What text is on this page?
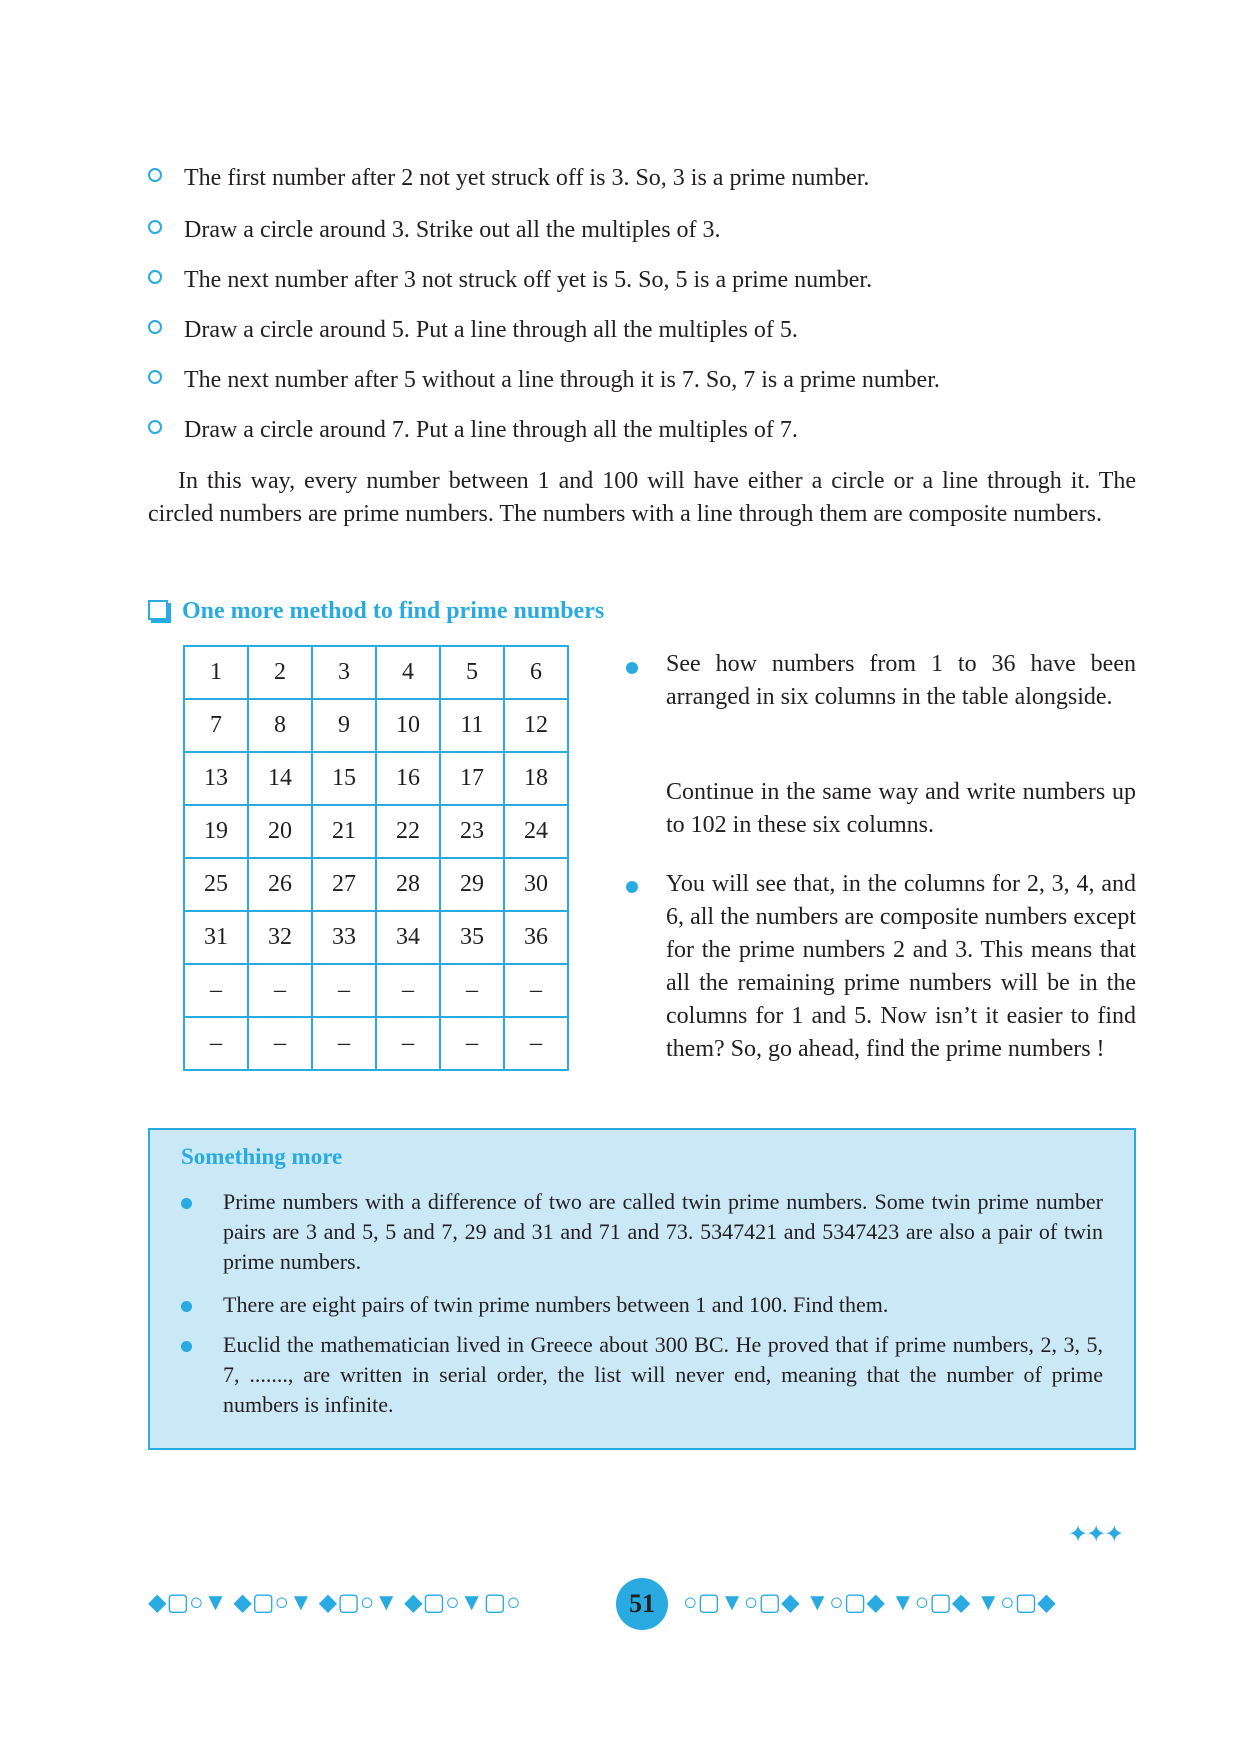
The first number after 2 not yet struck off is 3. So, 3 is a prime number.
Draw a circle around 3. Strike out all the multiples of 3.
The next number after 3 not struck off yet is 5. So, 5 is a prime number.
Draw a circle around 5. Put a line through all the multiples of 5.
The next number after 5 without a line through it is 7. So, 7 is a prime number.
Draw a circle around 7. Put a line through all the multiples of 7.
In this way, every number between 1 and 100 will have either a circle or a line through it. The circled numbers are prime numbers. The numbers with a line through them are composite numbers.
One more method to find prime numbers
1	2	3	4	5	6
7	8	9	10	11	12
13	14	15	16	17	18
19	20	21	22	23	24
25	26	27	28	29	30
31	32	33	34	35	36
–	–	–	–	–	–
–	–	–	–	–	–
See how numbers from 1 to 36 have been arranged in six columns in the table alongside.
Continue in the same way and write numbers up to 102 in these six columns.
You will see that, in the columns for 2, 3, 4, and 6, all the numbers are composite numbers except for the prime numbers 2 and 3. This means that all the remaining prime numbers will be in the columns for 1 and 5. Now isn’t it easier to find them? So, go ahead, find the prime numbers !
Something more
Prime numbers with a difference of two are called twin prime numbers. Some twin prime number pairs are 3 and 5, 5 and 7, 29 and 31 and 71 and 73. 5347421 and 5347423 are also a pair of twin prime numbers.
There are eight pairs of twin prime numbers between 1 and 100. Find them.
Euclid the mathematician lived in Greece about 300 BC. He proved that if prime numbers, 2, 3, 5, 7, ......., are written in serial order, the list will never end, meaning that the number of prime numbers is infinite.
✦✦✦
◆▢○▼ ◆▢○▼ ◆▢○▼ ◆▢○▼▢○	51	○▢▼○▢◆ ▼○▢◆ ▼○▢◆ ▼○▢◆
